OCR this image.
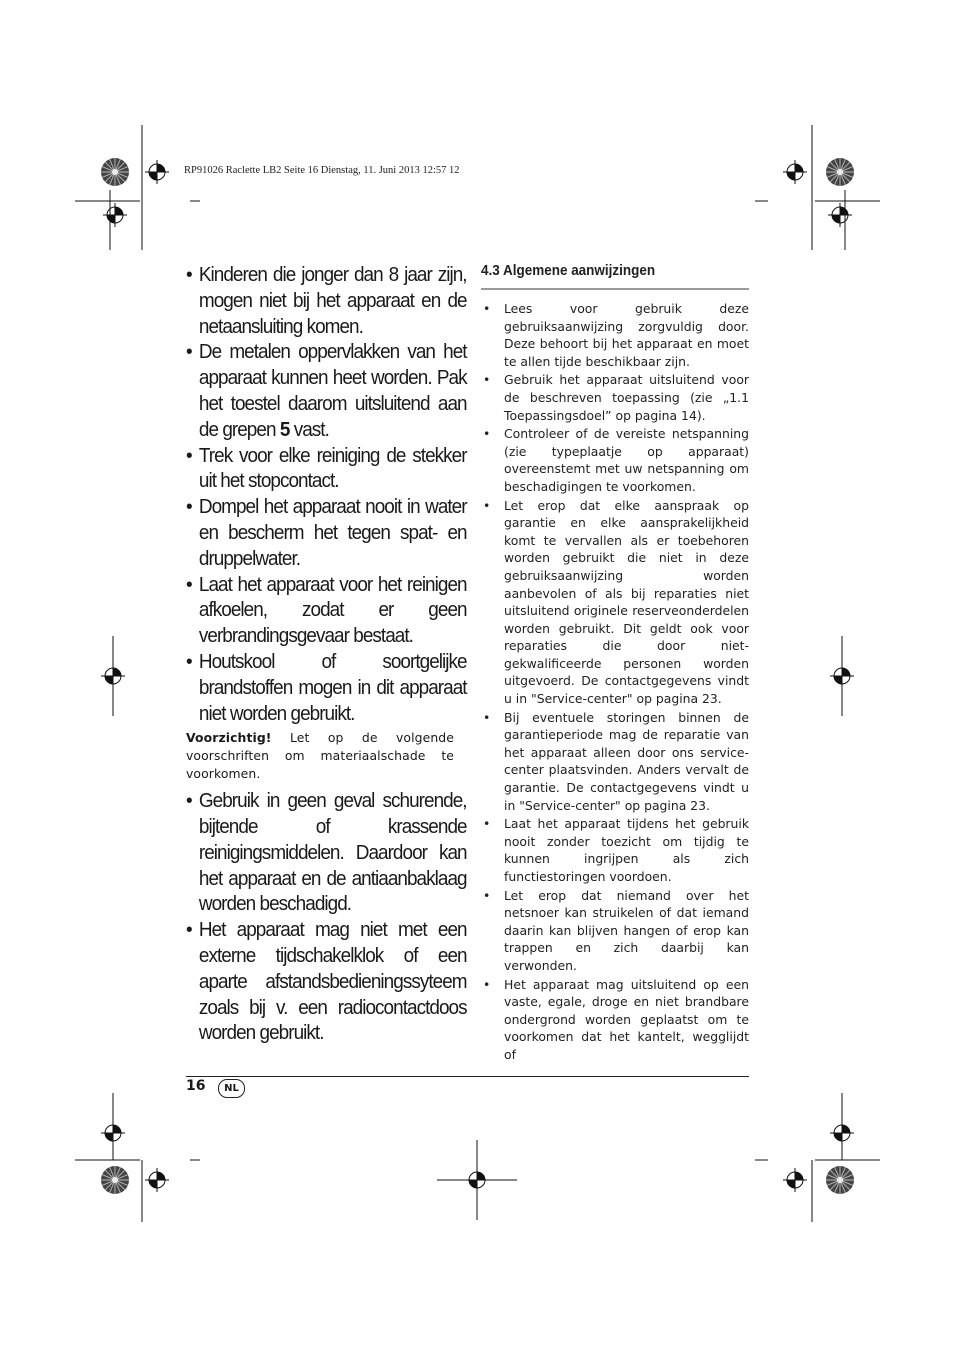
RP91026 Raclette LB2 Seite 16 Dienstag, 11. Juni 2013 12:57 12

• Kinderen die jonger dan 8 jaar zijn, mogen niet bij het apparaat en de netaansluiting komen.

• De metalen oppervlakken van het apparaat kunnen heet worden. Pak het toestel daarom uitsluitend aan de grepen 5 vast.

• Trek voor elke reiniging de stekker uit het stopcontact.

• Dompel het apparaat nooit in water en bescherm het tegen spat- en druppelwater.

• Laat het apparaat voor het reinigen afkoelen, zodat er geen verbrandingsgevaar bestaat.

• Houtskool of soortgelijke brandstoffen mogen in dit apparaat niet worden gebruikt.

Voorzichtig! Let op de volgende voorschriften om materiaalschade te voorkomen.

• Gebruik in geen geval schurende, bijtende of krassende reinigingsmiddelen. Daardoor kan het apparaat en de antiaanbaklaag worden beschadigd.

• Het apparaat mag niet met een externe tijdschakelklok of een aparte afstandsbedieningssyteem zoals bij v. een radiocontactdoos worden gebruikt.

4.3 Algemene aanwijzingen
• Lees voor gebruik deze gebruiksaanwijzing zorgvuldig door. Deze behoort bij het apparaat en moet te allen tijde beschikbaar zijn.
• Gebruik het apparaat uitsluitend voor de beschreven toepassing (zie „1.1 Toepassingsdoel” op pagina 14).
• Controleer of de vereiste netspanning (zie typeplaatje op apparaat) overeenstemt met uw netspanning om beschadigingen te voorkomen.
• Let erop dat elke aanspraak op garantie en elke aansprakelijkheid komt te vervallen als er toebehoren worden gebruikt die niet in deze gebruiksaanwijzing worden aanbevolen of als bij reparaties niet uitsluitend originele reserveonderdelen worden gebruikt. Dit geldt ook voor reparaties die door niet-gekwalificeerde personen worden uitgevoerd. De contactgegevens vindt u in "Service-center" op pagina 23.
• Bij eventuele storingen binnen de garantieperiode mag de reparatie van het apparaat alleen door ons service-center plaatsvinden. Anders vervalt de garantie. De contactgegevens vindt u in "Service-center" op pagina 23.
• Laat het apparaat tijdens het gebruik nooit zonder toezicht om tijdig te kunnen ingrijpen als zich functiestoringen voordoen.
• Let erop dat niemand over het netsnoer kan struikelen of dat iemand daarin kan blijven hangen of erop kan trappen en zich daarbij kan verwonden.
• Het apparaat mag uitsluitend op een vaste, egale, droge en niet brandbare ondergrond worden geplaatst om te voorkomen dat het kantelt, wegglijdt of
16	NL
